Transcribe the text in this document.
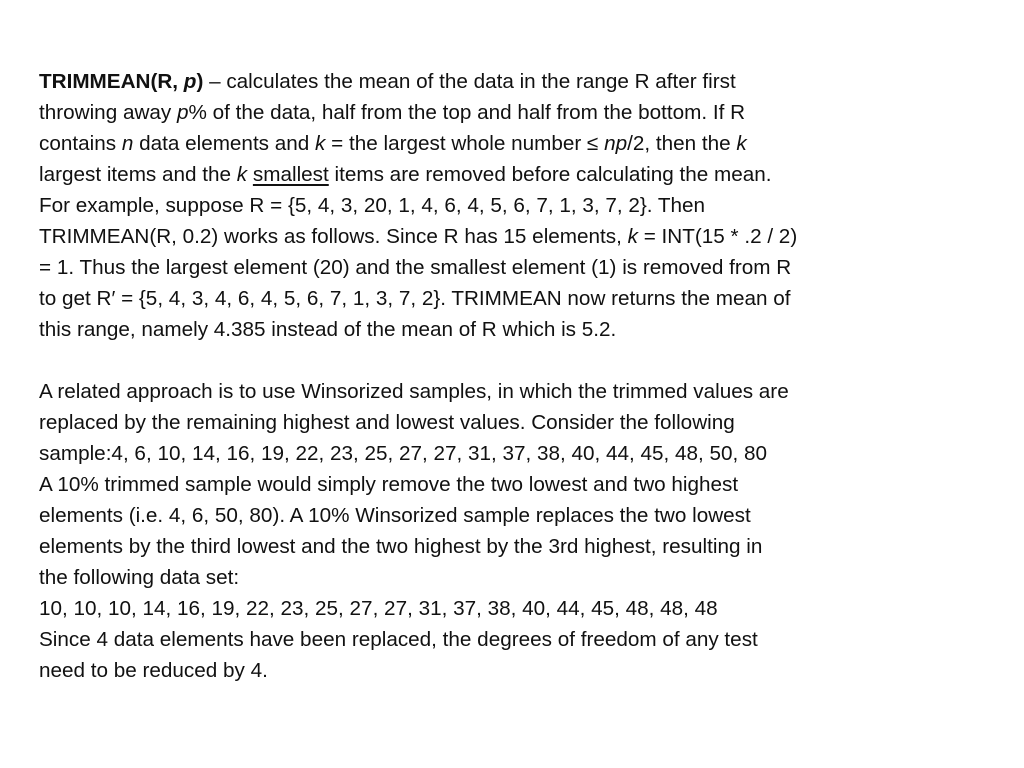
TRIMMEAN(R, p) – calculates the mean of the data in the range R after first
throwing away p% of the data, half from the top and half from the bottom. If R
contains n data elements and k = the largest whole number ≤ np/2, then the k
largest items and the k smallest items are removed before calculating the mean.
For example, suppose R = {5, 4, 3, 20, 1, 4, 6, 4, 5, 6, 7, 1, 3, 7, 2}. Then
TRIMMEAN(R, 0.2) works as follows. Since R has 15 elements, k = INT(15 * .2 / 2)
= 1. Thus the largest element (20) and the smallest element (1) is removed from R
to get R′ = {5, 4, 3, 4, 6, 4, 5, 6, 7, 1, 3, 7, 2}. TRIMMEAN now returns the mean of
this range, namely 4.385 instead of the mean of R which is 5.2.
A related approach is to use Winsorized samples, in which the trimmed values are
replaced by the remaining highest and lowest values. Consider the following
sample:4, 6, 10, 14, 16, 19, 22, 23, 25, 27, 27, 31, 37, 38, 40, 44, 45, 48, 50, 80
A 10% trimmed sample would simply remove the two lowest and two highest
elements (i.e. 4, 6, 50, 80). A 10% Winsorized sample replaces the two lowest
elements by the third lowest and the two highest by the 3rd highest, resulting in
the following data set:
10, 10, 10, 14, 16, 19, 22, 23, 25, 27, 27, 31, 37, 38, 40, 44, 45, 48, 48, 48
Since 4 data elements have been replaced, the degrees of freedom of any test
need to be reduced by 4.
